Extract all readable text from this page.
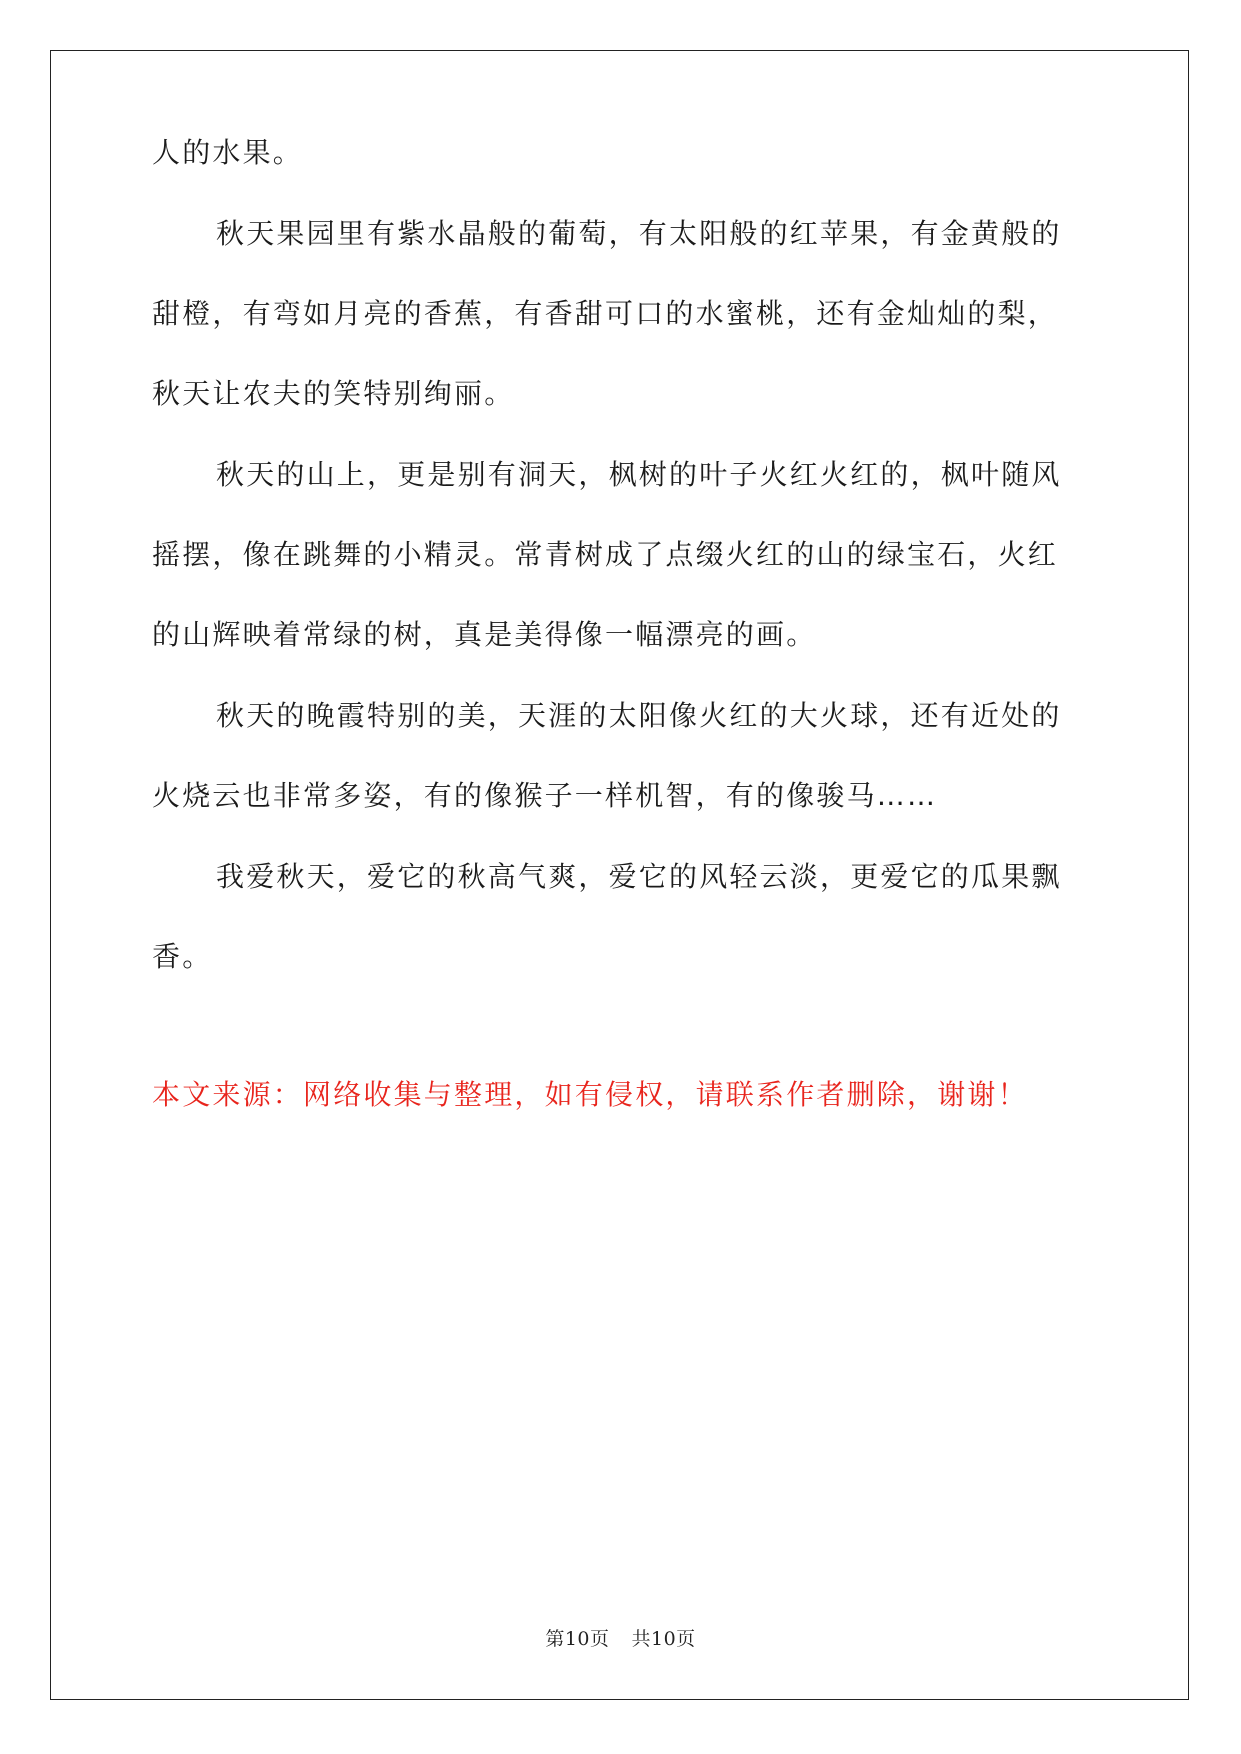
人的水果。

秋天果园里有紫水晶般的葡萄，有太阳般的红苹果，有金黄般的甜橙，有弯如月亮的香蕉，有香甜可口的水蜜桃，还有金灿灿的梨，秋天让农夫的笑特别绚丽。

秋天的山上，更是别有洞天，枫树的叶子火红火红的，枫叶随风摇摆，像在跳舞的小精灵。常青树成了点缀火红的山的绿宝石，火红的山辉映着常绿的树，真是美得像一幅漂亮的画。

秋天的晚霞特别的美，天涯的太阳像火红的大火球，还有近处的火烧云也非常多姿，有的像猴子一样机智，有的像骏马……

我爱秋天，爱它的秋高气爽，爱它的风轻云淡，更爱它的瓜果飘香。

本文来源：网络收集与整理，如有侵权，请联系作者删除，谢谢！

第10页 共10页
